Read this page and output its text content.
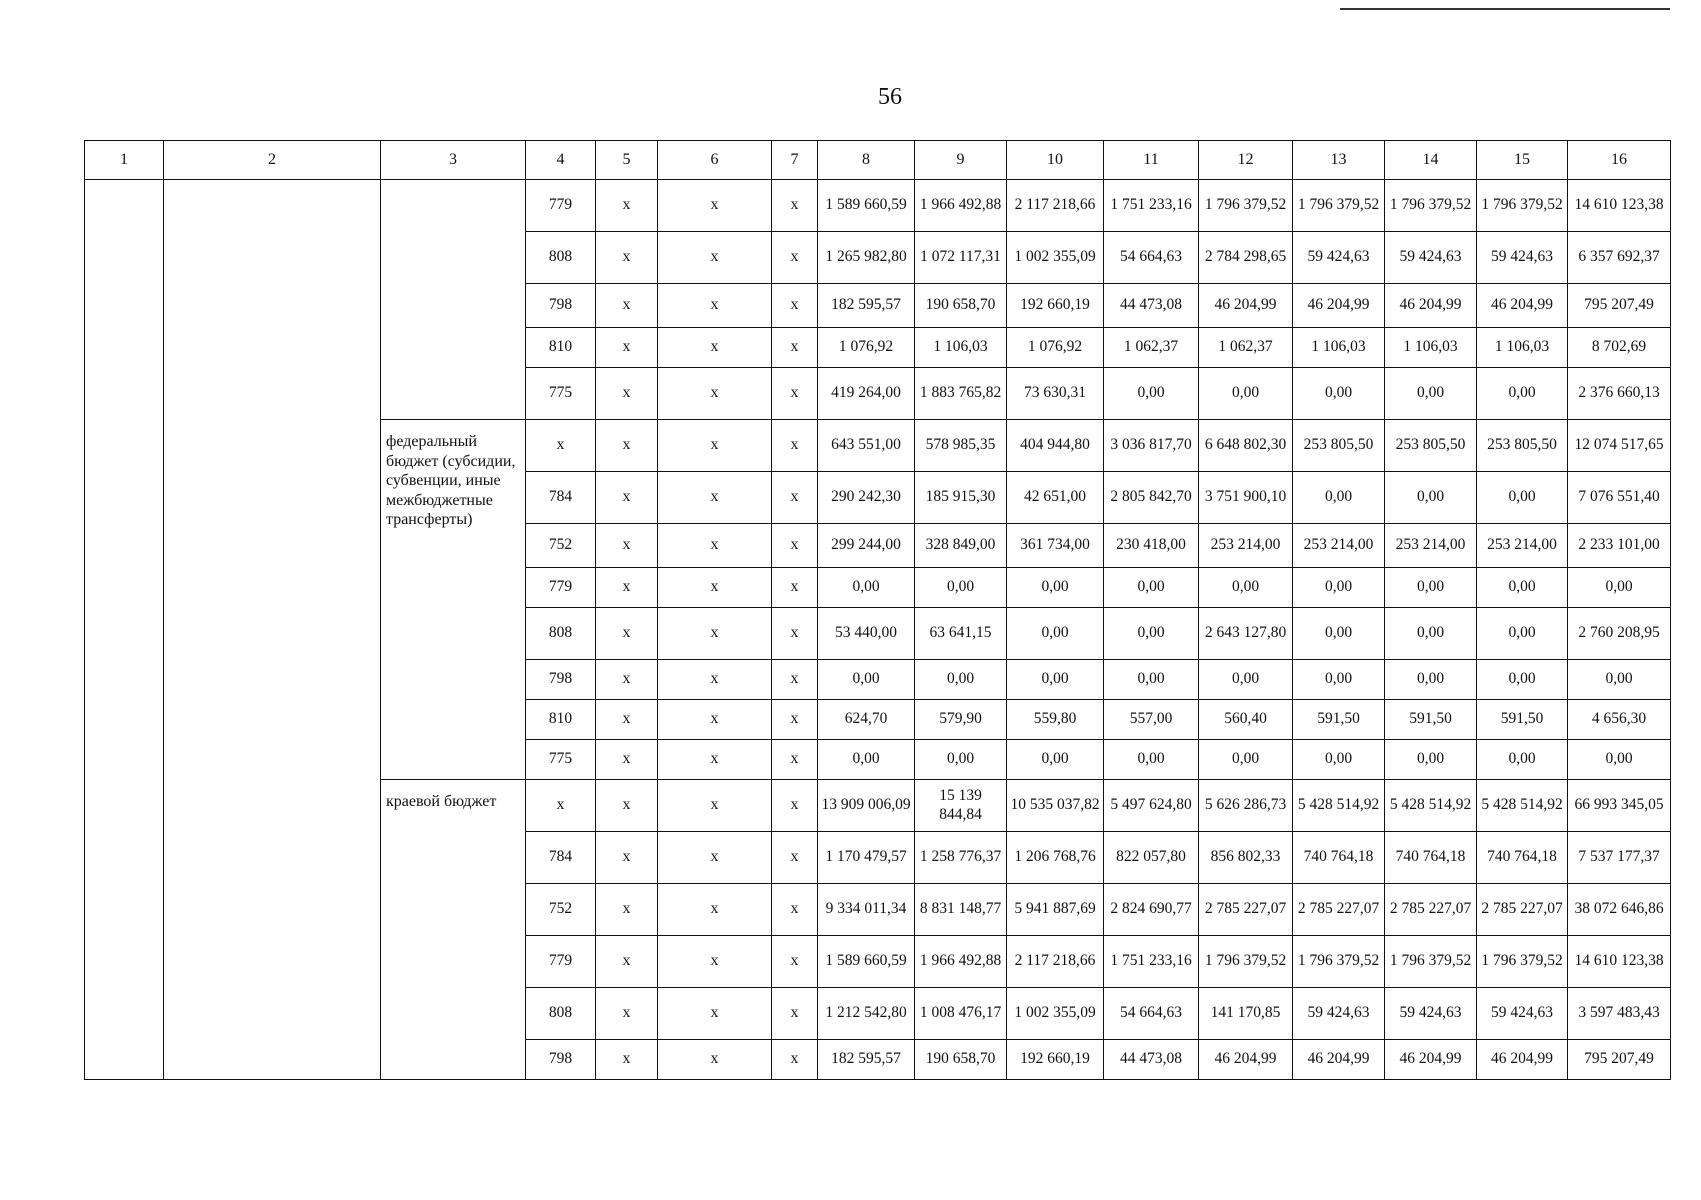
56
1	2	3	4	5	6	7	8	9	10	11	12	13	14	15	16
			779	x	x	x	1 589 660,59	1 966 492,88	2 117 218,66	1 751 233,16	1 796 379,52	1 796 379,52	1 796 379,52	1 796 379,52	14 610 123,38
			808	x	x	x	1 265 982,80	1 072 117,31	1 002 355,09	54 664,63	2 784 298,65	59 424,63	59 424,63	59 424,63	6 357 692,37
			798	x	x	x	182 595,57	190 658,70	192 660,19	44 473,08	46 204,99	46 204,99	46 204,99	46 204,99	795 207,49
			810	x	x	x	1 076,92	1 106,03	1 076,92	1 062,37	1 062,37	1 106,03	1 106,03	1 106,03	8 702,69
			775	x	x	x	419 264,00	1 883 765,82	73 630,31	0,00	0,00	0,00	0,00	0,00	2 376 660,13
		федеральный бюджет (субсидии, субвенции, иные межбюджетные трансферты)	x	x	x	x	643 551,00	578 985,35	404 944,80	3 036 817,70	6 648 802,30	253 805,50	253 805,50	253 805,50	12 074 517,65
			784	x	x	x	290 242,30	185 915,30	42 651,00	2 805 842,70	3 751 900,10	0,00	0,00	0,00	7 076 551,40
			752	x	x	x	299 244,00	328 849,00	361 734,00	230 418,00	253 214,00	253 214,00	253 214,00	253 214,00	2 233 101,00
			779	x	x	x	0,00	0,00	0,00	0,00	0,00	0,00	0,00	0,00	0,00
			808	x	x	x	53 440,00	63 641,15	0,00	0,00	2 643 127,80	0,00	0,00	0,00	2 760 208,95
			798	x	x	x	0,00	0,00	0,00	0,00	0,00	0,00	0,00	0,00	0,00
			810	x	x	x	624,70	579,90	559,80	557,00	560,40	591,50	591,50	591,50	4 656,30
			775	x	x	x	0,00	0,00	0,00	0,00	0,00	0,00	0,00	0,00	0,00
		краевой бюджет	x	x	x	x	13 909 006,09	15 139 844,84	10 535 037,82	5 497 624,80	5 626 286,73	5 428 514,92	5 428 514,92	5 428 514,92	66 993 345,05
			784	x	x	x	1 170 479,57	1 258 776,37	1 206 768,76	822 057,80	856 802,33	740 764,18	740 764,18	740 764,18	7 537 177,37
			752	x	x	x	9 334 011,34	8 831 148,77	5 941 887,69	2 824 690,77	2 785 227,07	2 785 227,07	2 785 227,07	2 785 227,07	38 072 646,86
			779	x	x	x	1 589 660,59	1 966 492,88	2 117 218,66	1 751 233,16	1 796 379,52	1 796 379,52	1 796 379,52	1 796 379,52	14 610 123,38
			808	x	x	x	1 212 542,80	1 008 476,17	1 002 355,09	54 664,63	141 170,85	59 424,63	59 424,63	59 424,63	3 597 483,43
			798	x	x	x	182 595,57	190 658,70	192 660,19	44 473,08	46 204,99	46 204,99	46 204,99	46 204,99	795 207,49
